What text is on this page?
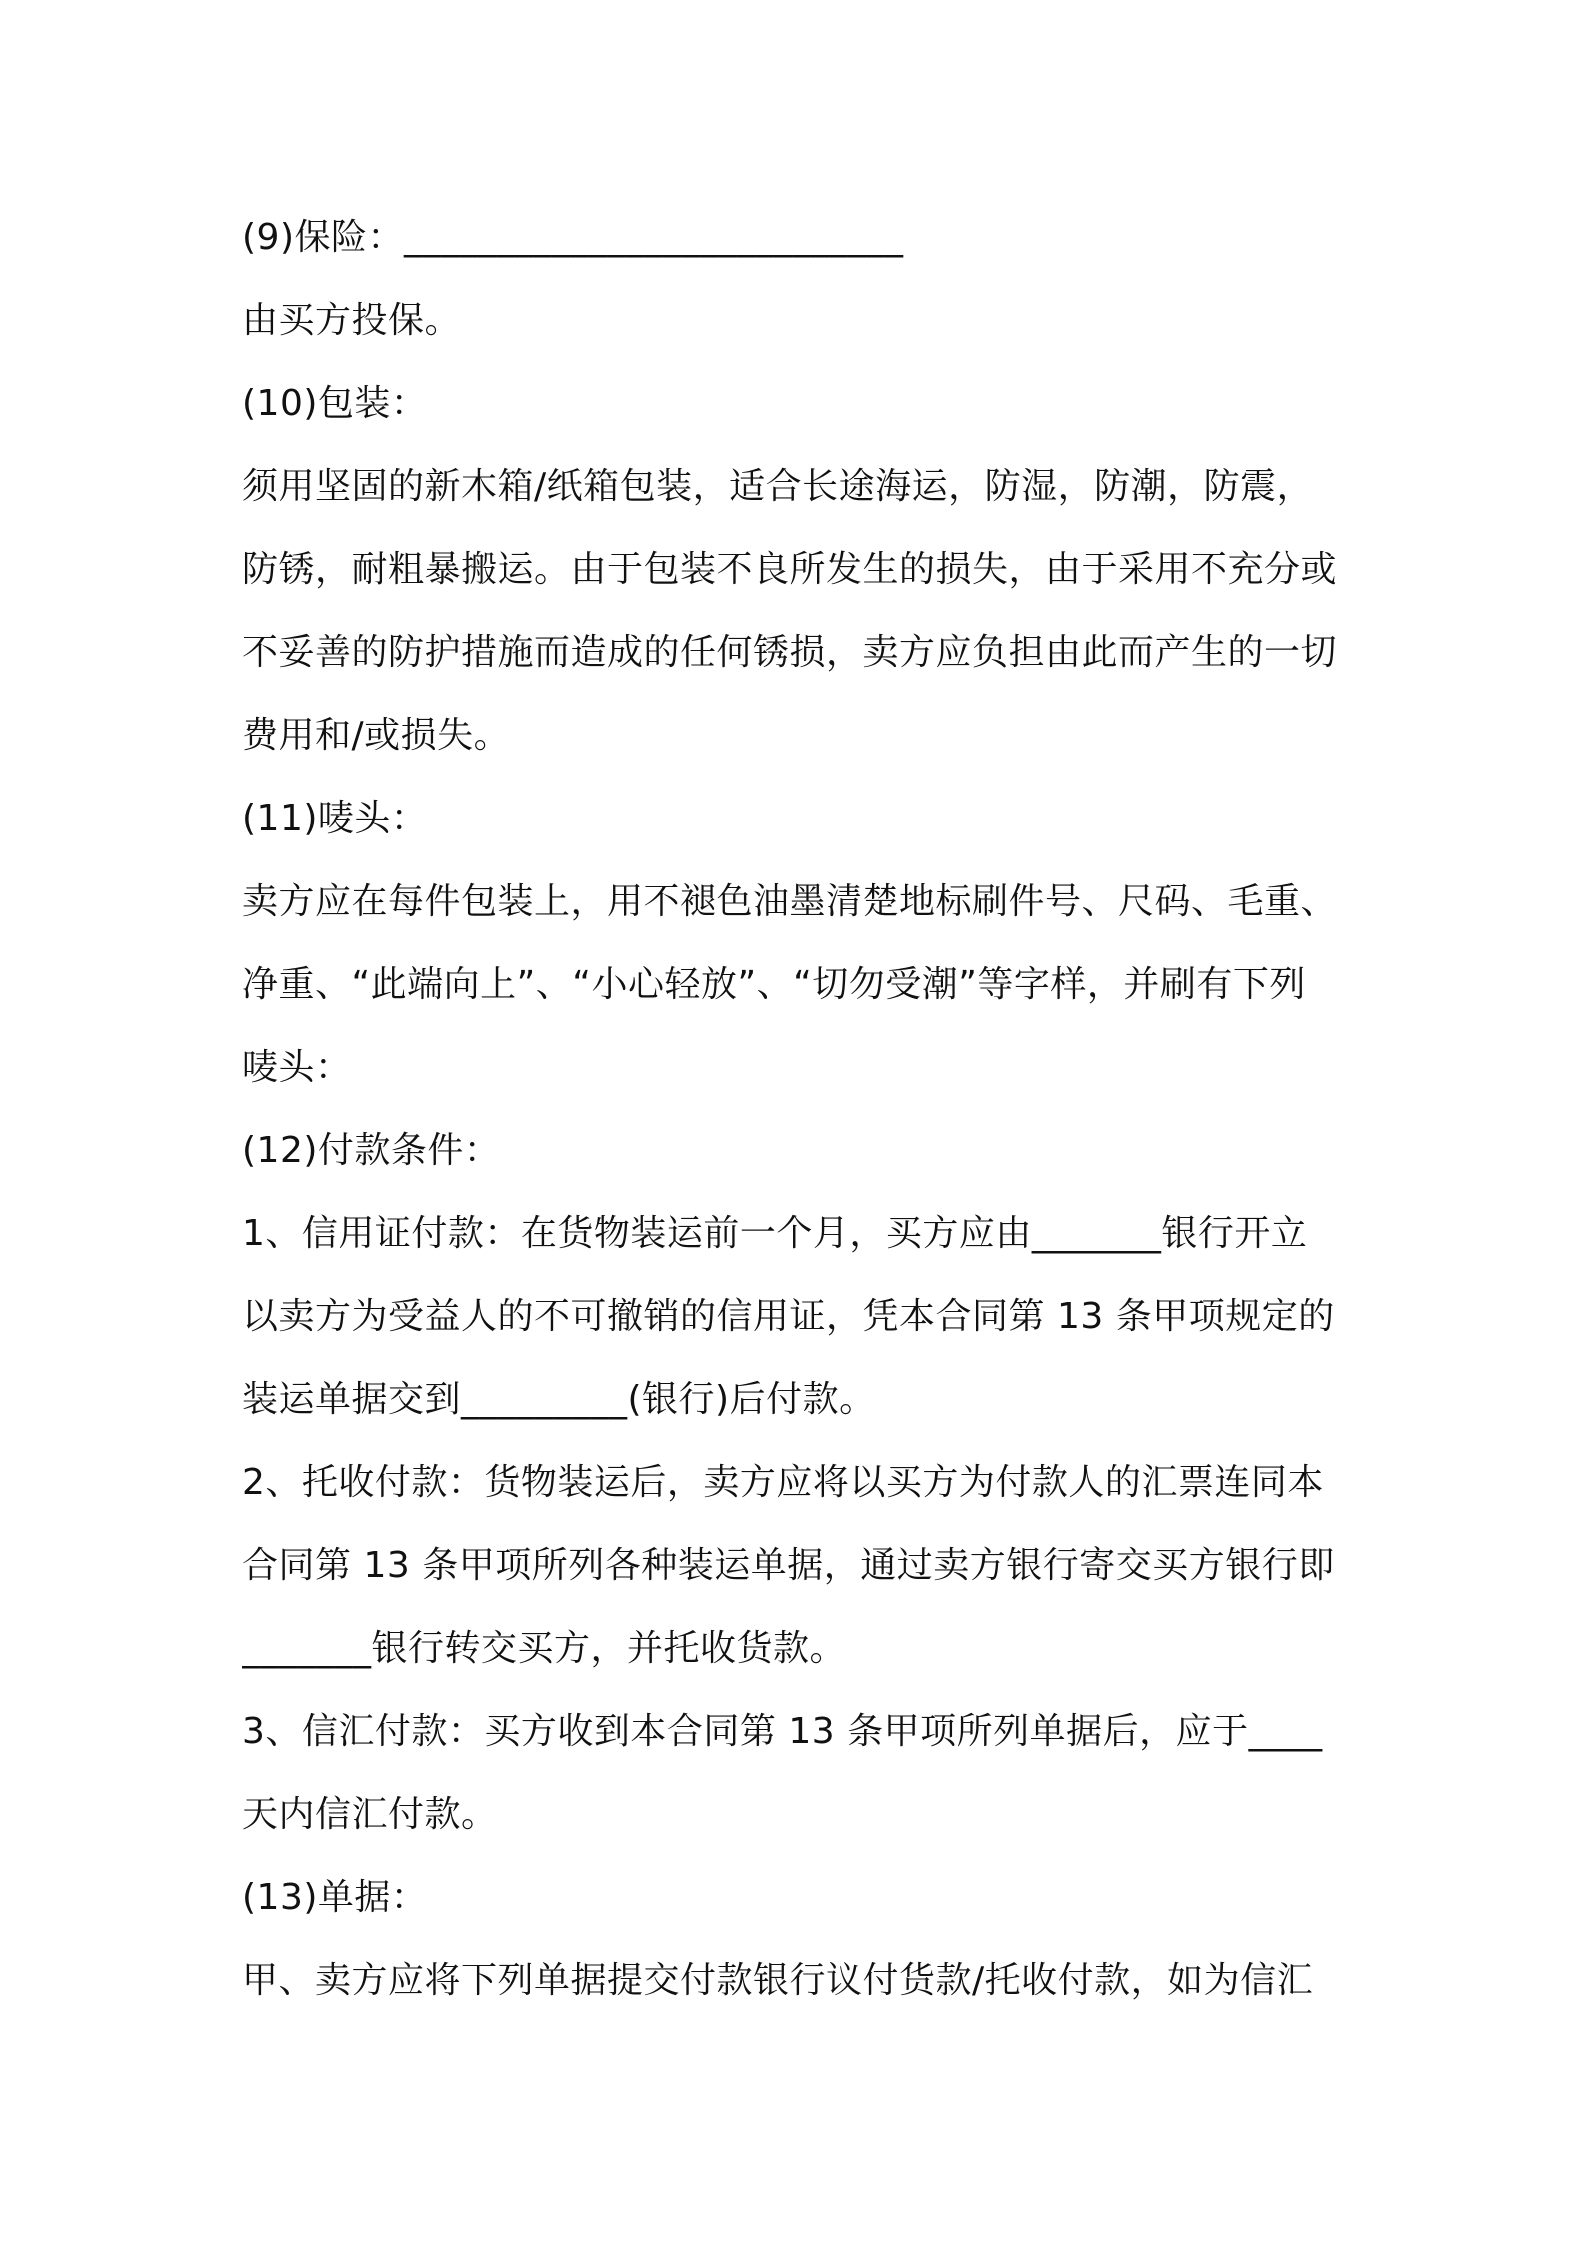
(9)保险：___________________________
由买方投保。
(10)包装：
须用坚固的新木箱/纸箱包装，适合长途海运，防湿，防潮，防震，
防锈，耐粗暴搬运。由于包装不良所发生的损失，由于采用不充分或
不妥善的防护措施而造成的任何锈损，卖方应负担由此而产生的一切
费用和/或损失。
(11)唛头：
卖方应在每件包装上，用不褪色油墨清楚地标刷件号、尺码、毛重、
净重、“此端向上”、“小心轻放”、“切勿受潮”等字样，并刷有下列
唛头：
(12)付款条件：
1、信用证付款：在货物装运前一个月，买方应由_______银行开立
以卖方为受益人的不可撤销的信用证，凭本合同第 13 条甲项规定的
装运单据交到_________(银行)后付款。
2、托收付款：货物装运后，卖方应将以买方为付款人的汇票连同本
合同第 13 条甲项所列各种装运单据，通过卖方银行寄交买方银行即
_______银行转交买方，并托收货款。
3、信汇付款：买方收到本合同第 13 条甲项所列单据后，应于____
天内信汇付款。
(13)单据：
甲、卖方应将下列单据提交付款银行议付货款/托收付款，如为信汇
